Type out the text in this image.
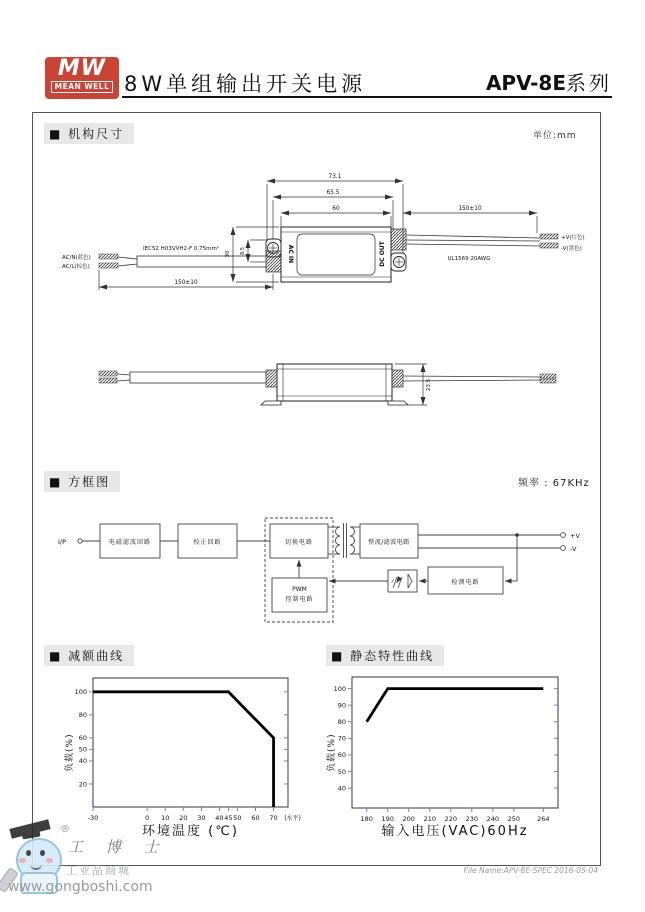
MW
MEAN WELL 8W单组输出开关电源	APV-8E系列
■ 机构尺寸	单位:mm
73.1
65.5
60
AC IN	DC OUT
AC/N(蓝色)
AC/L(棕色)
IEC52 H03VVH2-F 0.75mm²
30 8.5
150±10
+V(红色)
-V(黑色)
UL1569 20AWG
150±10
23.5
■ 方框图	频率 : 67KHz
I/P	电磁滤波回路	校正回路	切换电路
PWM
控制电路
整流/滤波电路
检测电路
+V
-V
■ 减额曲线	■ 静态特性曲线
20
40
50
60
80
100
-30	0 10 20 30 40 45 50 60 70 (水平)
40
50
60
70
80
90
100
180 190 200 210 220 230 240 250	264
负载(%)	负载(%)
环境温度 (℃)	输入电压(VAC)60Hz
File Name:APV-8E-SPEC 2016-05-04
®
工 博 士
工业品商城
www.gongboshi.com
